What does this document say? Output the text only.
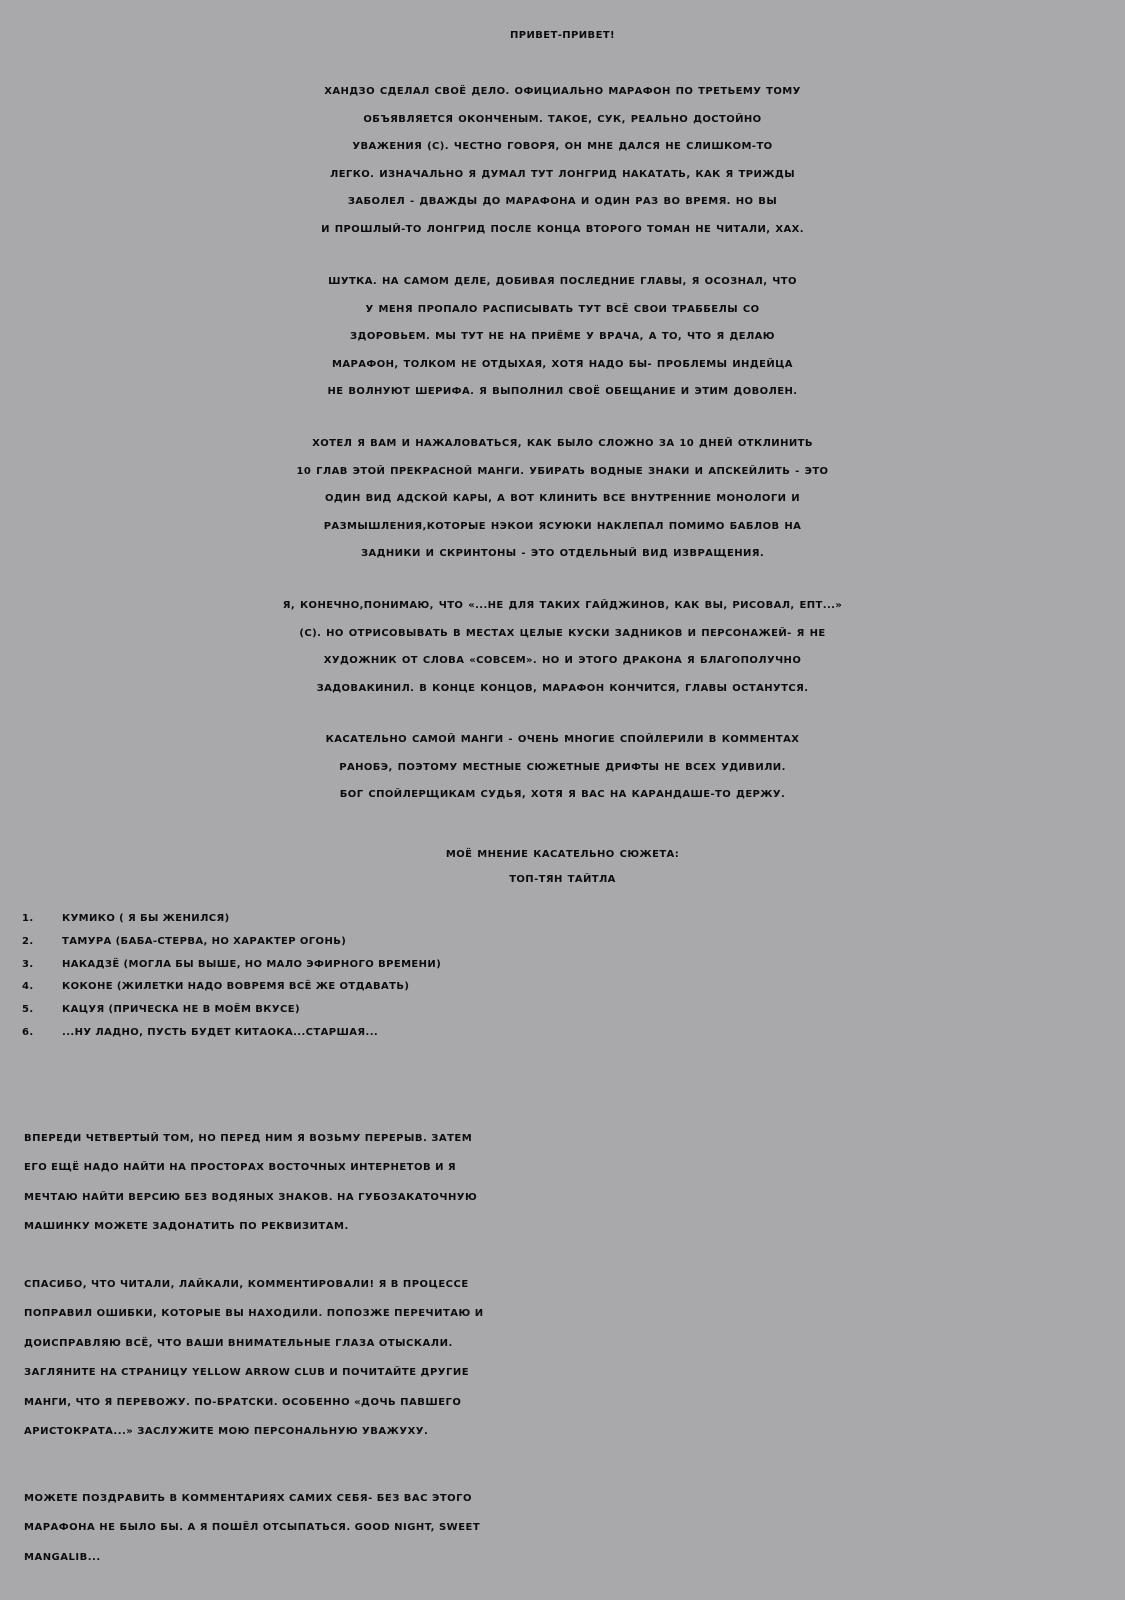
ПРИВЕТ-ПРИВЕТ!
ХАНДЗО СДЕЛАЛ СВОЁ ДЕЛО. ОФИЦИАЛЬНО МАРАФОН ПО ТРЕТЬЕМУ ТОМУ
ОБЪЯВЛЯЕТСЯ ОКОНЧЕНЫМ. ТАКОЕ, СУК, РЕАЛЬНО ДОСТОЙНО
УВАЖЕНИЯ (С). ЧЕСТНО ГОВОРЯ, ОН МНЕ ДАЛСЯ НЕ СЛИШКОМ-ТО
ЛЕГКО. ИЗНАЧАЛЬНО Я ДУМАЛ ТУТ ЛОНГРИД НАКАТАТЬ, КАК Я ТРИЖДЫ
ЗАБОЛЕЛ - ДВАЖДЫ ДО МАРАФОНА И ОДИН РАЗ ВО ВРЕМЯ. НО ВЫ
И ПРОШЛЫЙ-ТО ЛОНГРИД ПОСЛЕ КОНЦА ВТОРОГО ТОМАН НЕ ЧИТАЛИ, ХАХ.
ШУТКА. НА САМОМ ДЕЛЕ, ДОБИВАЯ ПОСЛЕДНИЕ ГЛАВЫ, Я ОСОЗНАЛ, ЧТО
У МЕНЯ ПРОПАЛО РАСПИСЫВАТЬ ТУТ ВСЁ СВОИ ТРАББЕЛЫ СО
ЗДОРОВЬЕМ. МЫ ТУТ НЕ НА ПРИЁМЕ У ВРАЧА, А ТО, ЧТО Я ДЕЛАЮ
МАРАФОН, ТОЛКОМ НЕ ОТДЫХАЯ, ХОТЯ НАДО БЫ- ПРОБЛЕМЫ ИНДЕЙЦА
НЕ ВОЛНУЮТ ШЕРИФА. Я ВЫПОЛНИЛ СВОЁ ОБЕЩАНИЕ И ЭТИМ ДОВОЛЕН.
ХОТЕЛ Я ВАМ И НАЖАЛОВАТЬСЯ, КАК БЫЛО СЛОЖНО ЗА 10 ДНЕЙ ОТКЛИНИТЬ
10 ГЛАВ ЭТОЙ ПРЕКРАСНОЙ МАНГИ. УБИРАТЬ ВОДНЫЕ ЗНАКИ И АПСКЕЙЛИТЬ - ЭТО
ОДИН ВИД АДСКОЙ КАРЫ, А ВОТ КЛИНИТЬ ВСЕ ВНУТРЕННИЕ МОНОЛОГИ И
РАЗМЫШЛЕНИЯ,КОТОРЫЕ НЭКОИ ЯСУЮКИ НАКЛЕПАЛ ПОМИМО БАБЛОВ НА
ЗАДНИКИ И СКРИНТОНЫ - ЭТО ОТДЕЛЬНЫЙ ВИД ИЗВРАЩЕНИЯ.
Я, КОНЕЧНО,ПОНИМАЮ, ЧТО «...НЕ ДЛЯ ТАКИХ ГАЙДЖИНОВ, КАК ВЫ, РИСОВАЛ, ЕПТ...»
(С). НО ОТРИСОВЫВАТЬ В МЕСТАХ ЦЕЛЫЕ КУСКИ ЗАДНИКОВ И ПЕРСОНАЖЕЙ- Я НЕ
ХУДОЖНИК ОТ СЛОВА «СОВСЕМ». НО И ЭТОГО ДРАКОНА Я БЛАГОПОЛУЧНО
ЗАДОВАКИНИЛ. В КОНЦЕ КОНЦОВ, МАРАФОН КОНЧИТСЯ, ГЛАВЫ ОСТАНУТСЯ.
КАСАТЕЛЬНО САМОЙ МАНГИ - ОЧЕНЬ МНОГИЕ СПОЙЛЕРИЛИ В КОММЕНТАХ
РАНОБЭ, ПОЭТОМУ МЕСТНЫЕ СЮЖЕТНЫЕ ДРИФТЫ НЕ ВСЕХ УДИВИЛИ.
БОГ СПОЙЛЕРЩИКАМ СУДЬЯ, ХОТЯ Я ВАС НА КАРАНДАШЕ-ТО ДЕРЖУ.
МОЁ МНЕНИЕ КАСАТЕЛЬНО СЮЖЕТА:
ТОП-ТЯН ТАЙТЛА
1.	КУМИКО ( Я БЫ ЖЕНИЛСЯ)
2.	ТАМУРА (БАБА-СТЕРВА, НО ХАРАКТЕР ОГОНЬ)
3.	НАКАДЗЁ (МОГЛА БЫ ВЫШЕ, НО МАЛО ЭФИРНОГО ВРЕМЕНИ)
4.	КОКОНЕ (ЖИЛЕТКИ НАДО ВОВРЕМЯ ВСЁ ЖЕ ОТДАВАТЬ)
5.	КАЦУЯ (ПРИЧЕСКА НЕ В МОЁМ ВКУСЕ)
6.	...НУ ЛАДНО, ПУСТЬ БУДЕТ КИТАОКА...СТАРШАЯ...
ВПЕРЕДИ ЧЕТВЕРТЫЙ ТОМ, НО ПЕРЕД НИМ Я ВОЗЬМУ ПЕРЕРЫВ. ЗАТЕМ
ЕГО ЕЩЁ НАДО НАЙТИ НА ПРОСТОРАХ ВОСТОЧНЫХ ИНТЕРНЕТОВ И Я
МЕЧТАЮ НАЙТИ ВЕРСИЮ БЕЗ ВОДЯНЫХ ЗНАКОВ. НА ГУБОЗАКАТОЧНУЮ
МАШИНКУ МОЖЕТЕ ЗАДОНАТИТЬ ПО РЕКВИЗИТАМ.
СПАСИБО, ЧТО ЧИТАЛИ, ЛАЙКАЛИ, КОММЕНТИРОВАЛИ! Я В ПРОЦЕССЕ
ПОПРАВИЛ ОШИБКИ, КОТОРЫЕ ВЫ НАХОДИЛИ. ПОПОЗЖЕ ПЕРЕЧИТАЮ И
ДОИСПРАВЛЯЮ ВСЁ, ЧТО ВАШИ ВНИМАТЕЛЬНЫЕ ГЛАЗА ОТЫСКАЛИ.
ЗАГЛЯНИТЕ НА СТРАНИЦУ YELLOW ARROW CLUB И ПОЧИТАЙТЕ ДРУГИЕ
МАНГИ, ЧТО Я ПЕРЕВОЖУ. ПО-БРАТСКИ. ОСОБЕННО «ДОЧЬ ПАВШЕГО
АРИСТОКРАТА...» ЗАСЛУЖИТЕ МОЮ ПЕРСОНАЛЬНУЮ УВАЖУХУ.
МОЖЕТЕ ПОЗДРАВИТЬ В КОММЕНТАРИЯХ САМИХ СЕБЯ- БЕЗ ВАС ЭТОГО
МАРАФОНА НЕ БЫЛО БЫ. А Я ПОШЁЛ ОТСЫПАТЬСЯ. GOOD NIGHT, SWEET
MANGALIB...
